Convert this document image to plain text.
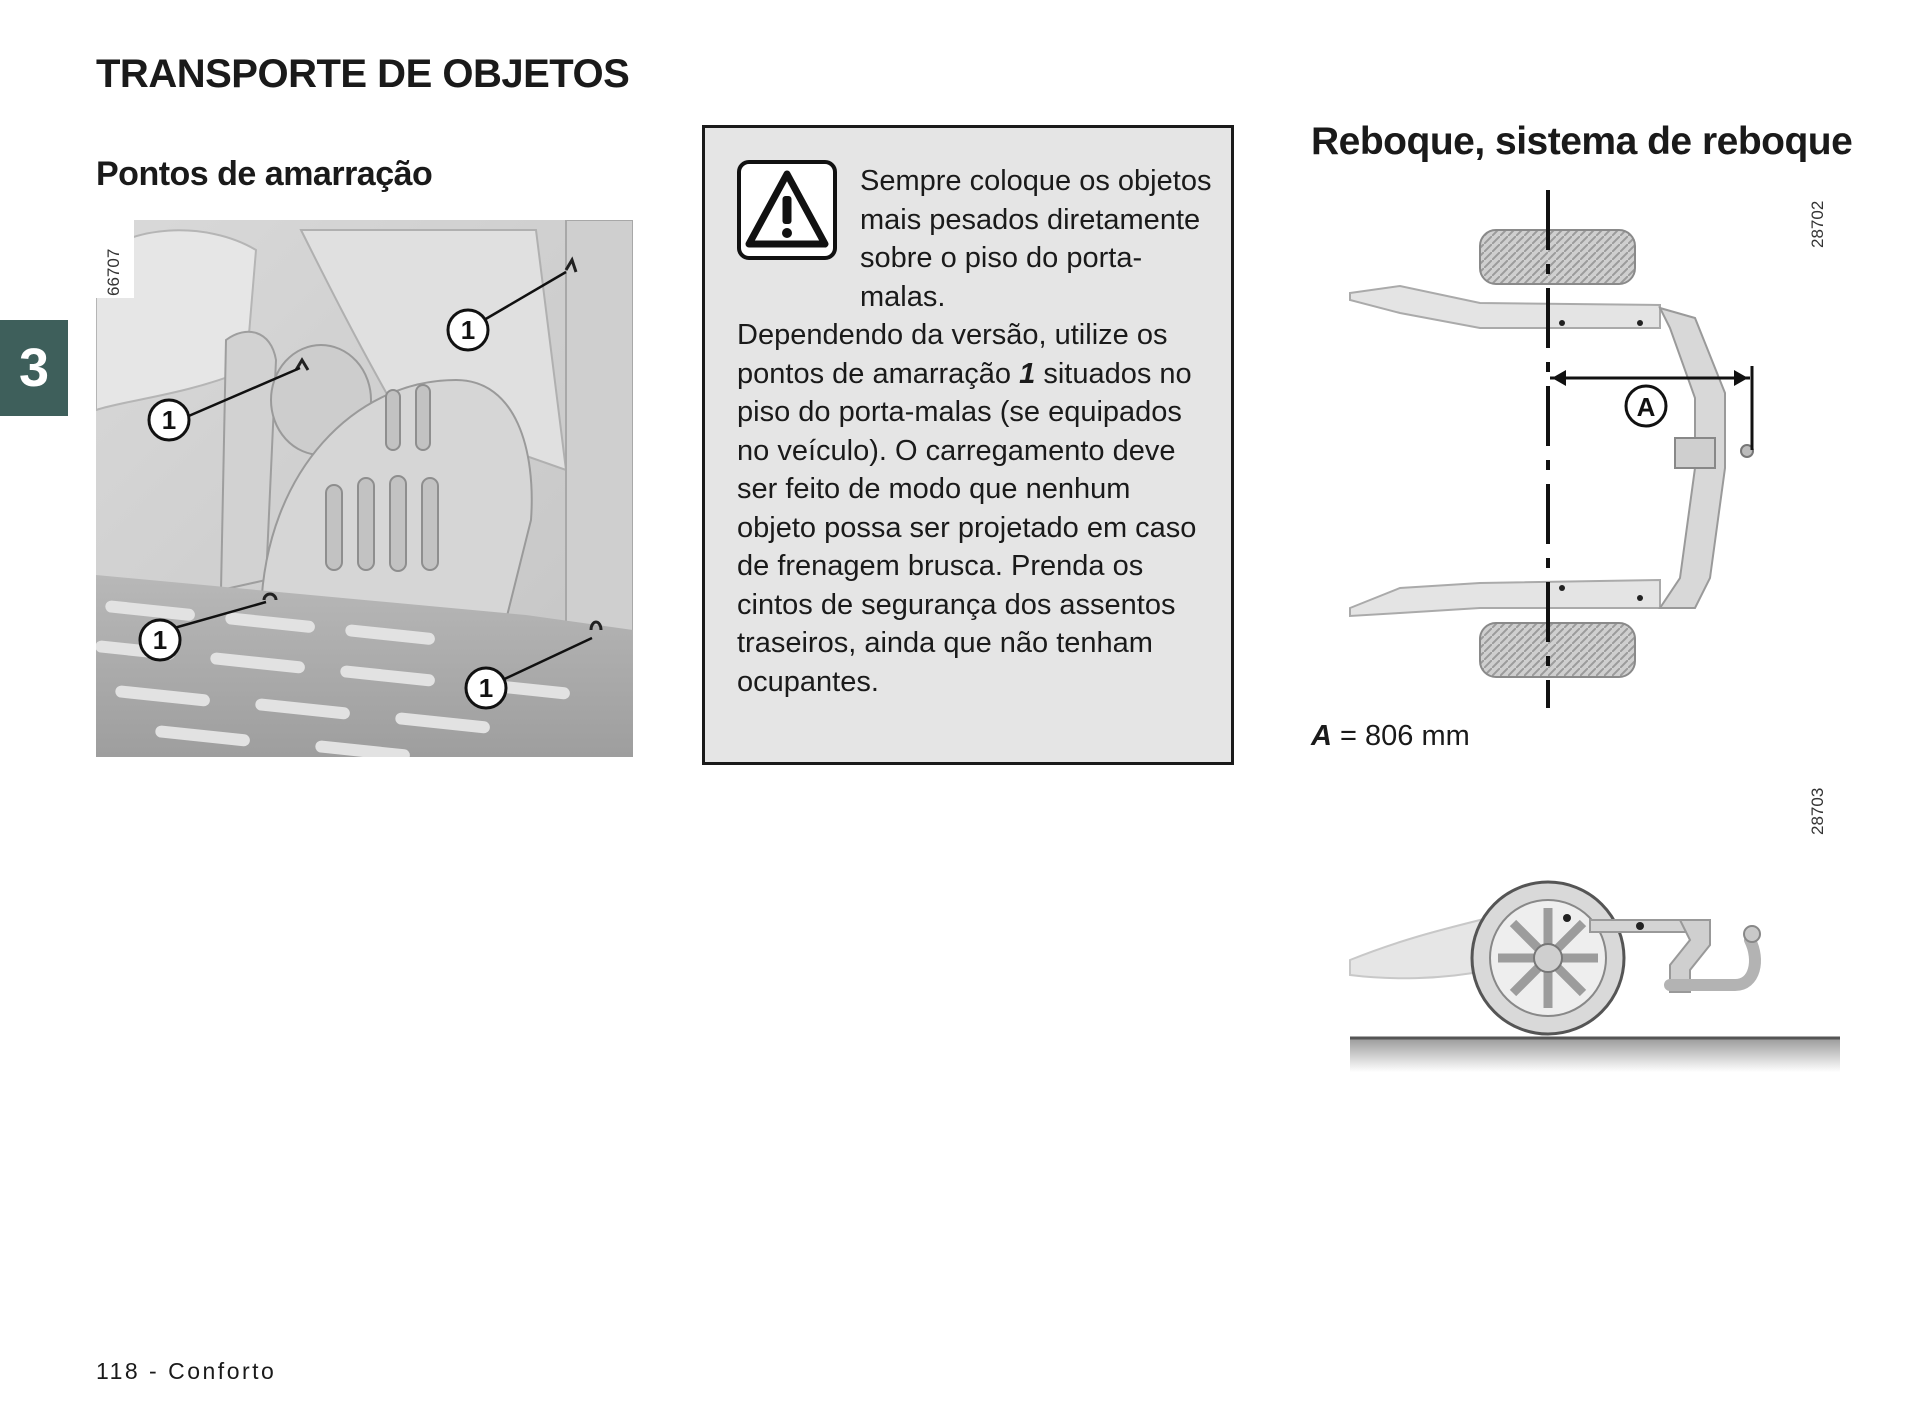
TRANSPORTE DE OBJETOS
3
Pontos de amarração
1
1
1
1
66707

Sempre coloque os objetos mais pesados diretamente sobre o piso do porta-malas.

Dependendo da versão, utilize os pontos de amarração 1 situados no piso do porta-malas (se equipados no veículo). O carregamento deve ser feito de modo que nenhum objeto possa ser projetado em caso de frenagem brusca. Prenda os cintos de segurança dos assentos traseiros, ainda que não tenham ocupantes.

Reboque, sistema de reboque
A
28702

A = 806 mm

28703

118 - Conforto
